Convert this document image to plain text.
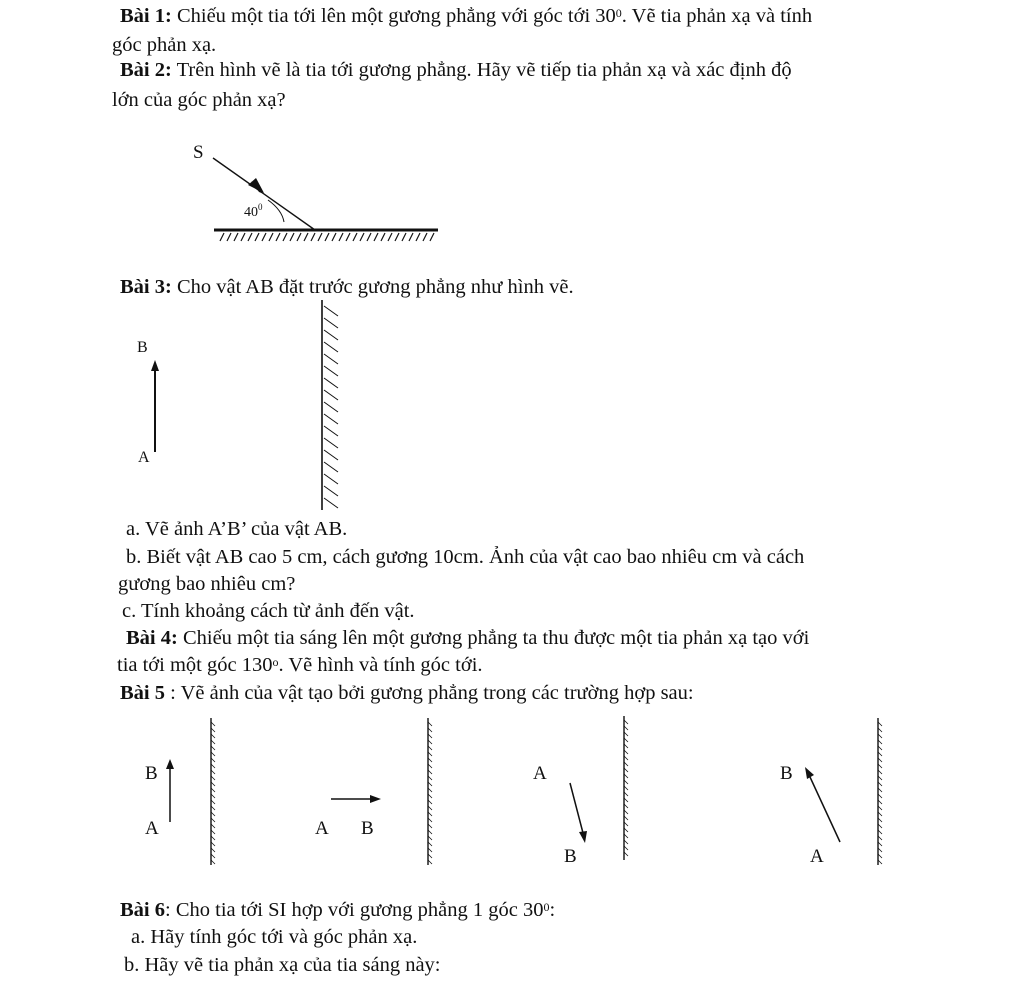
Bài 1: Chiếu một tia tới lên một gương phẳng với góc tới $30^0$. Vẽ tia phản xạ và tính
góc phản xạ.
Bài 2: Trên hình vẽ là tia tới gương phẳng. Hãy vẽ tiếp tia phản xạ và xác định độ
lớn của góc phản xạ?
S
$40^0$
Bài 3: Cho vật AB đặt trước gương phẳng như hình vẽ.
B
A
a. Vẽ ảnh A’B’ của vật AB.
b. Biết vật AB cao 5 cm, cách gương 10cm. Ảnh của vật cao bao nhiêu cm và cách
gương bao nhiêu cm?
c. Tính khoảng cách từ ảnh đến vật.
Bài 4: Chiếu một tia sáng lên một gương phẳng ta thu được một tia phản xạ tạo với
tia tới một góc 130$^o$. Vẽ hình và tính góc tới.
Bài 5 : Vẽ ảnh của vật tạo bởi gương phẳng trong các trường hợp sau:
B
A	A B
A
B
B
A
Bài 6: Cho tia tới SI hợp với gương phẳng 1 góc $30^0$:
a. Hãy tính góc tới và góc phản xạ.
b. Hãy vẽ tia phản xạ của tia sáng này:
